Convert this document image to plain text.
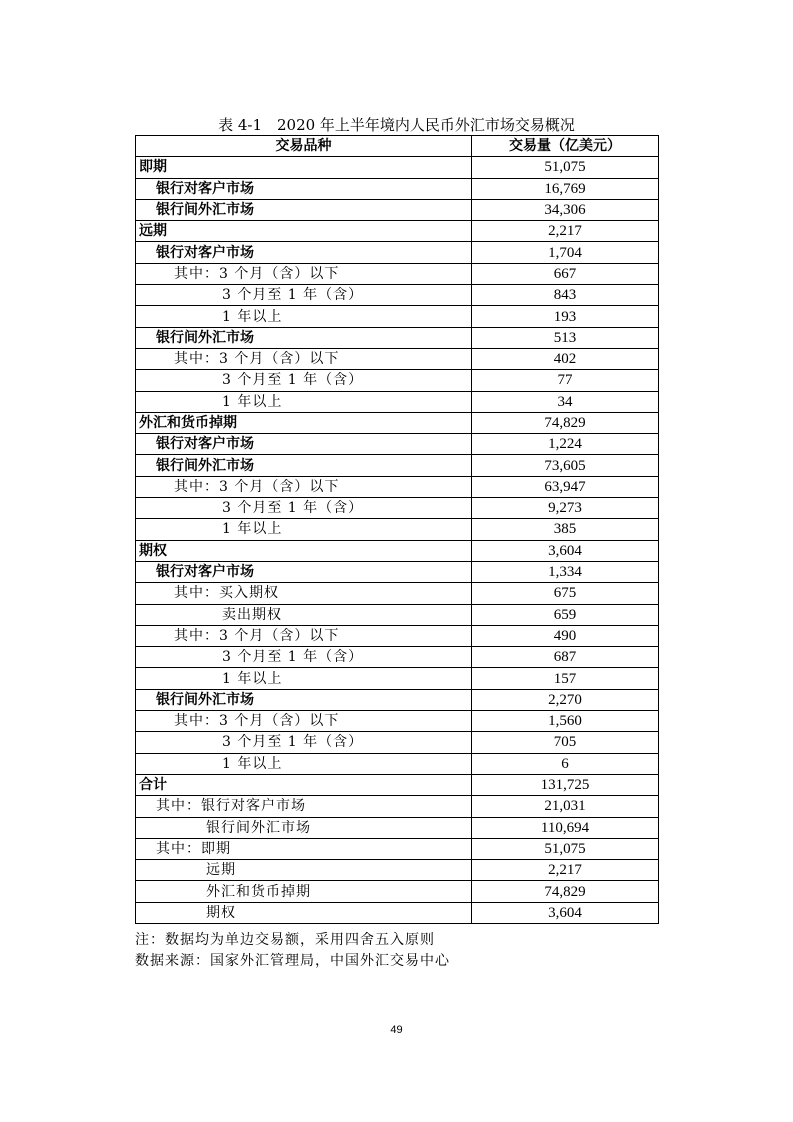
表 4-1　2020 年上半年境内人民币外汇市场交易概况
交易品种	交易量（亿美元）
即期	51,075
银行对客户市场	16,769
银行间外汇市场	34,306
远期	2,217
银行对客户市场	1,704
其中：3 个月（含）以下	667
3 个月至 1 年（含）	843
1 年以上	193
银行间外汇市场	513
其中：3 个月（含）以下	402
3 个月至 1 年（含）	77
1 年以上	34
外汇和货币掉期	74,829
银行对客户市场	1,224
银行间外汇市场	73,605
其中：3 个月（含）以下	63,947
3 个月至 1 年（含）	9,273
1 年以上	385
期权	3,604
银行对客户市场	1,334
其中：买入期权	675
卖出期权	659
其中：3 个月（含）以下	490
3 个月至 1 年（含）	687
1 年以上	157
银行间外汇市场	2,270
其中：3 个月（含）以下	1,560
3 个月至 1 年（含）	705
1 年以上	6
合计	131,725
其中：银行对客户市场	21,031
银行间外汇市场	110,694
其中：即期	51,075
远期	2,217
外汇和货币掉期	74,829
期权	3,604
注：数据均为单边交易额，采用四舍五入原则
数据来源：国家外汇管理局，中国外汇交易中心
49
